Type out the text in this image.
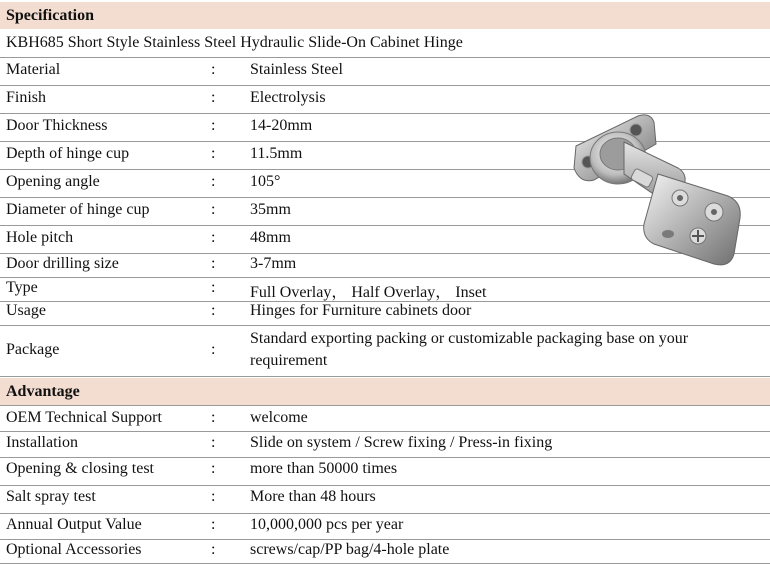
Specification
KBH685 Short Style Stainless Steel Hydraulic Slide-On Cabinet Hinge
Material	: Stainless Steel
Finish	: Electrolysis
Door Thickness	: 14-20mm
Depth of hinge cup	: 11.5mm
Opening angle	: 105°
Diameter of hinge cup	: 35mm
Hole pitch	: 48mm
Door drilling size	: 3-7mm
Type	: Full Overlay， Half Overlay， Inset
Usage	: Hinges for Furniture cabinets door
Package	:
Standard exporting packing or customizable packaging base on your requirement
Advantage
OEM Technical Support	: welcome
Installation	: Slide on system / Screw fixing / Press-in fixing
Opening & closing test	: more than 50000 times
Salt spray test	: More than 48 hours
Annual Output Value	: 10,000,000 pcs per year
Optional Accessories	: screws/cap/PP bag/4-hole plate
